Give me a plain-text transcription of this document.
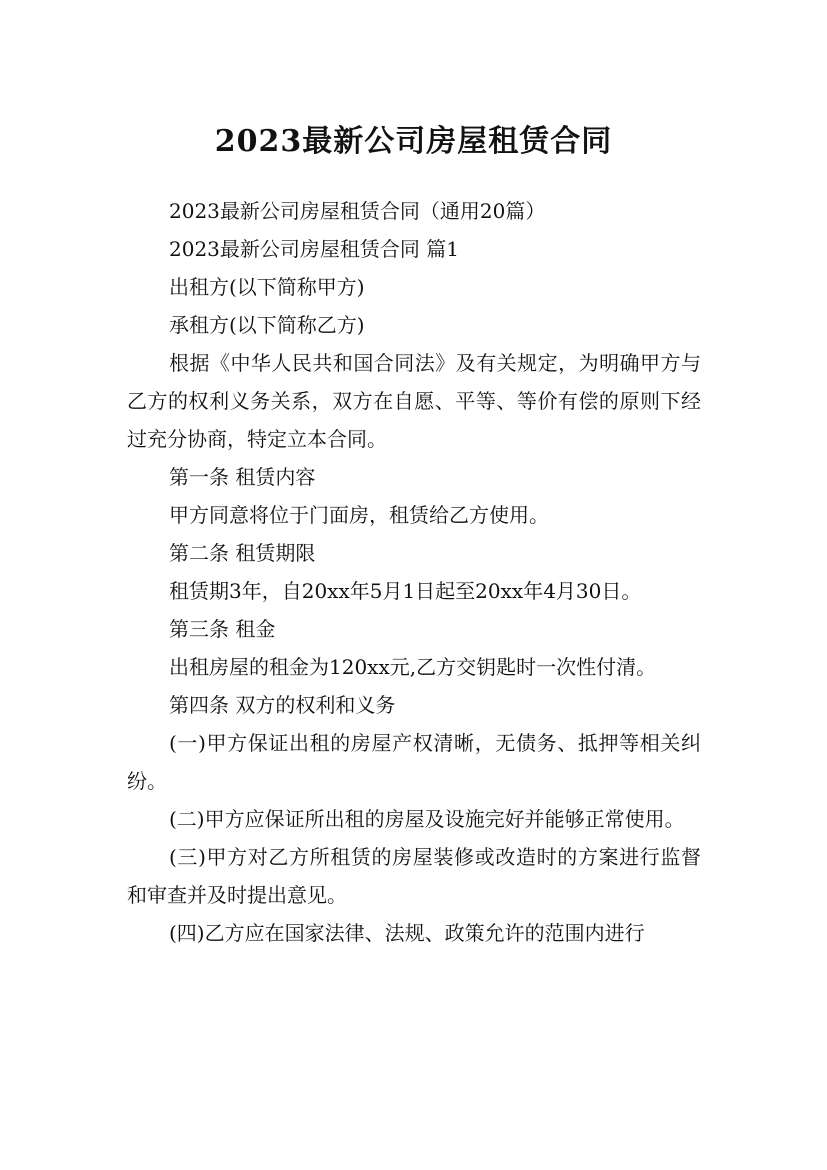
2023最新公司房屋租赁合同

2023最新公司房屋租赁合同（通用20篇）

2023最新公司房屋租赁合同 篇1

出租方(以下简称甲方)

承租方(以下简称乙方)

根据《中华人民共和国合同法》及有关规定，为明确甲方与乙方的权利义务关系，双方在自愿、平等、等价有偿的原则下经过充分协商，特定立本合同。

第一条 租赁内容

甲方同意将位于门面房，租赁给乙方使用。

第二条 租赁期限

租赁期3年，自20xx年5月1日起至20xx年4月30日。

第三条 租金

出租房屋的租金为120xx元,乙方交钥匙时一次性付清。

第四条 双方的权利和义务

(一)甲方保证出租的房屋产权清晰，无债务、抵押等相关纠纷。

(二)甲方应保证所出租的房屋及设施完好并能够正常使用。

(三)甲方对乙方所租赁的房屋装修或改造时的方案进行监督和审查并及时提出意见。

(四)乙方应在国家法律、法规、政策允许的范围内进行
